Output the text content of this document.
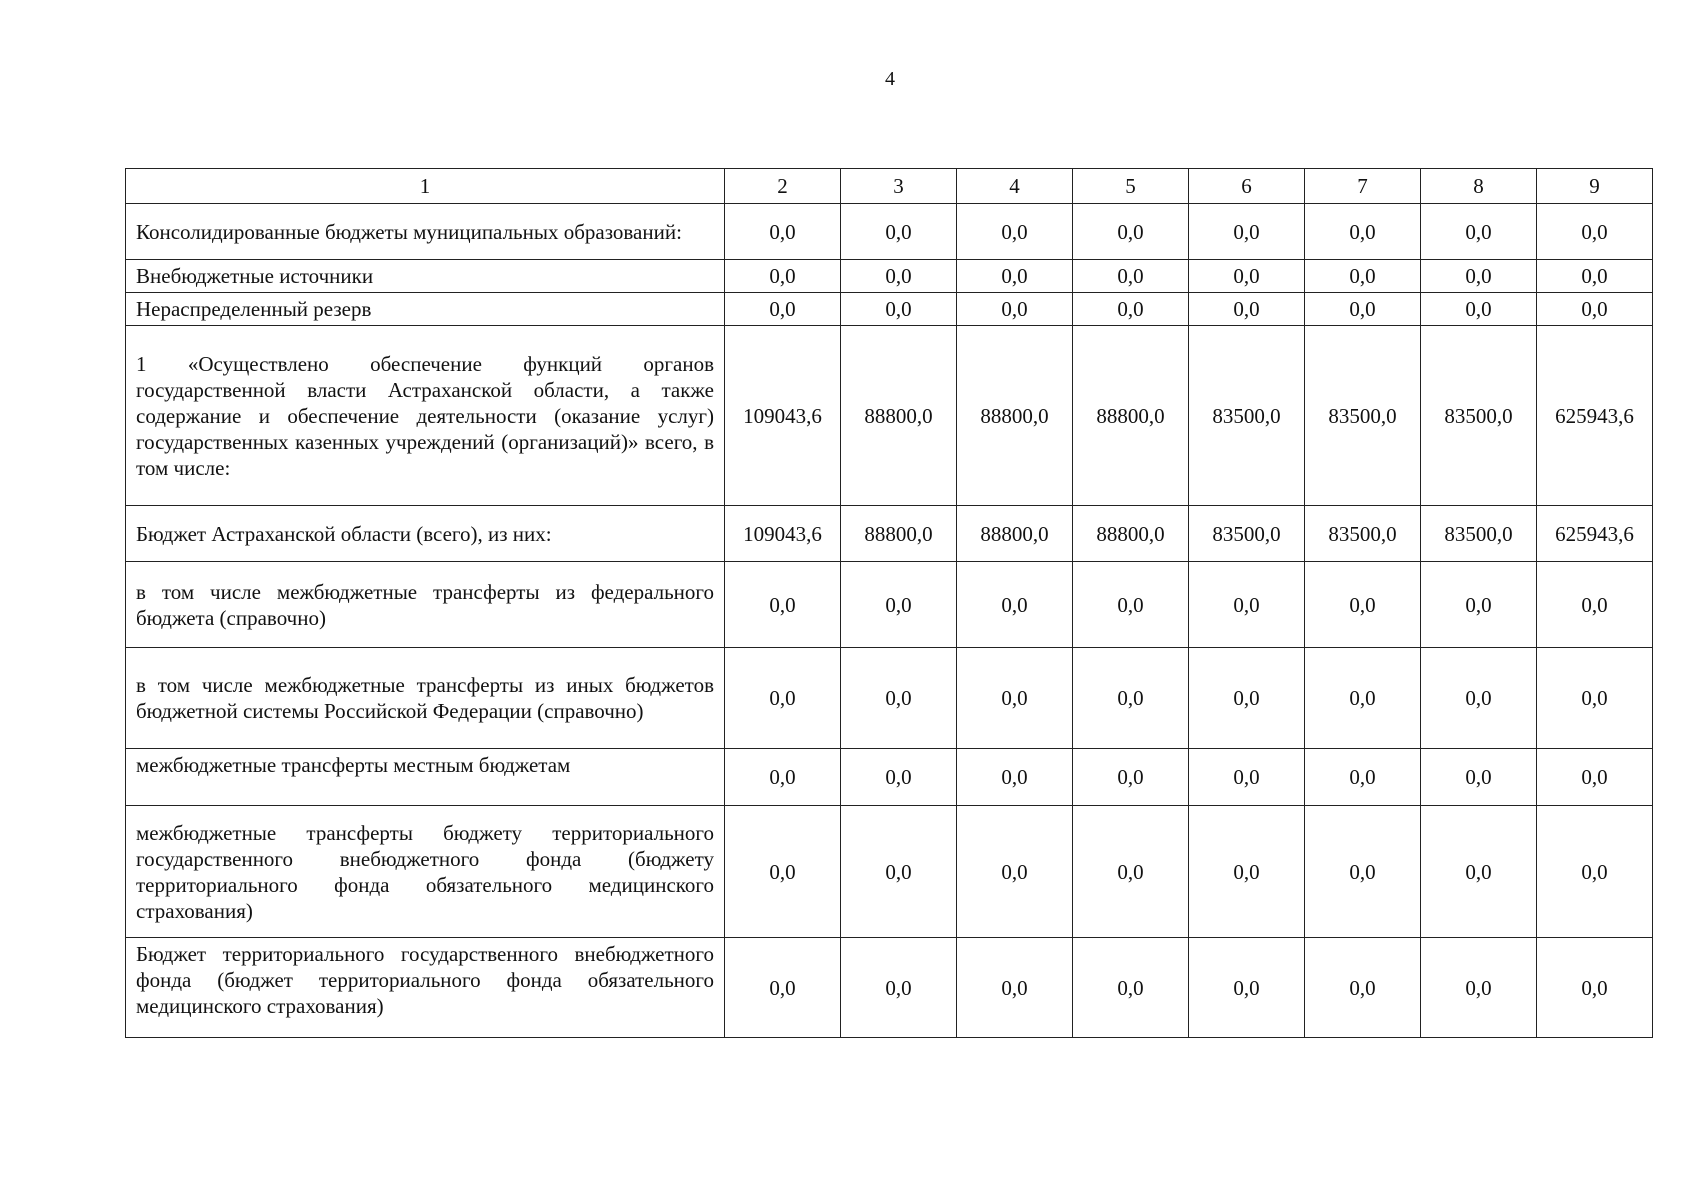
4
1	2	3	4	5	6	7	8	9
Консолидированные бюджеты муниципальных образований:	0,0	0,0	0,0	0,0	0,0	0,0	0,0	0,0
Внебюджетные источники	0,0	0,0	0,0	0,0	0,0	0,0	0,0	0,0
Нераспределенный резерв	0,0	0,0	0,0	0,0	0,0	0,0	0,0	0,0
1 «Осуществлено обеспечение функций органов государственной власти Астраханской области, а также содержание и обеспечение деятельности (оказание услуг) государственных казенных учреждений (организаций)» всего, в том числе:	109043,6	88800,0	88800,0	88800,0	83500,0	83500,0	83500,0	625943,6
Бюджет Астраханской области (всего), из них:	109043,6	88800,0	88800,0	88800,0	83500,0	83500,0	83500,0	625943,6
в том числе межбюджетные трансферты из федерального бюджета (справочно)	0,0	0,0	0,0	0,0	0,0	0,0	0,0	0,0
в том числе межбюджетные трансферты из иных бюджетов бюджетной системы Российской Федерации (справочно)	0,0	0,0	0,0	0,0	0,0	0,0	0,0	0,0
межбюджетные трансферты местным бюджетам	0,0	0,0	0,0	0,0	0,0	0,0	0,0	0,0
межбюджетные трансферты бюджету территориального государственного внебюджетного фонда (бюджету территориального фонда обязательного медицинского страхования)	0,0	0,0	0,0	0,0	0,0	0,0	0,0	0,0
Бюджет территориального государственного внебюджетного фонда (бюджет территориального фонда обязательного медицинского страхования)	0,0	0,0	0,0	0,0	0,0	0,0	0,0	0,0
